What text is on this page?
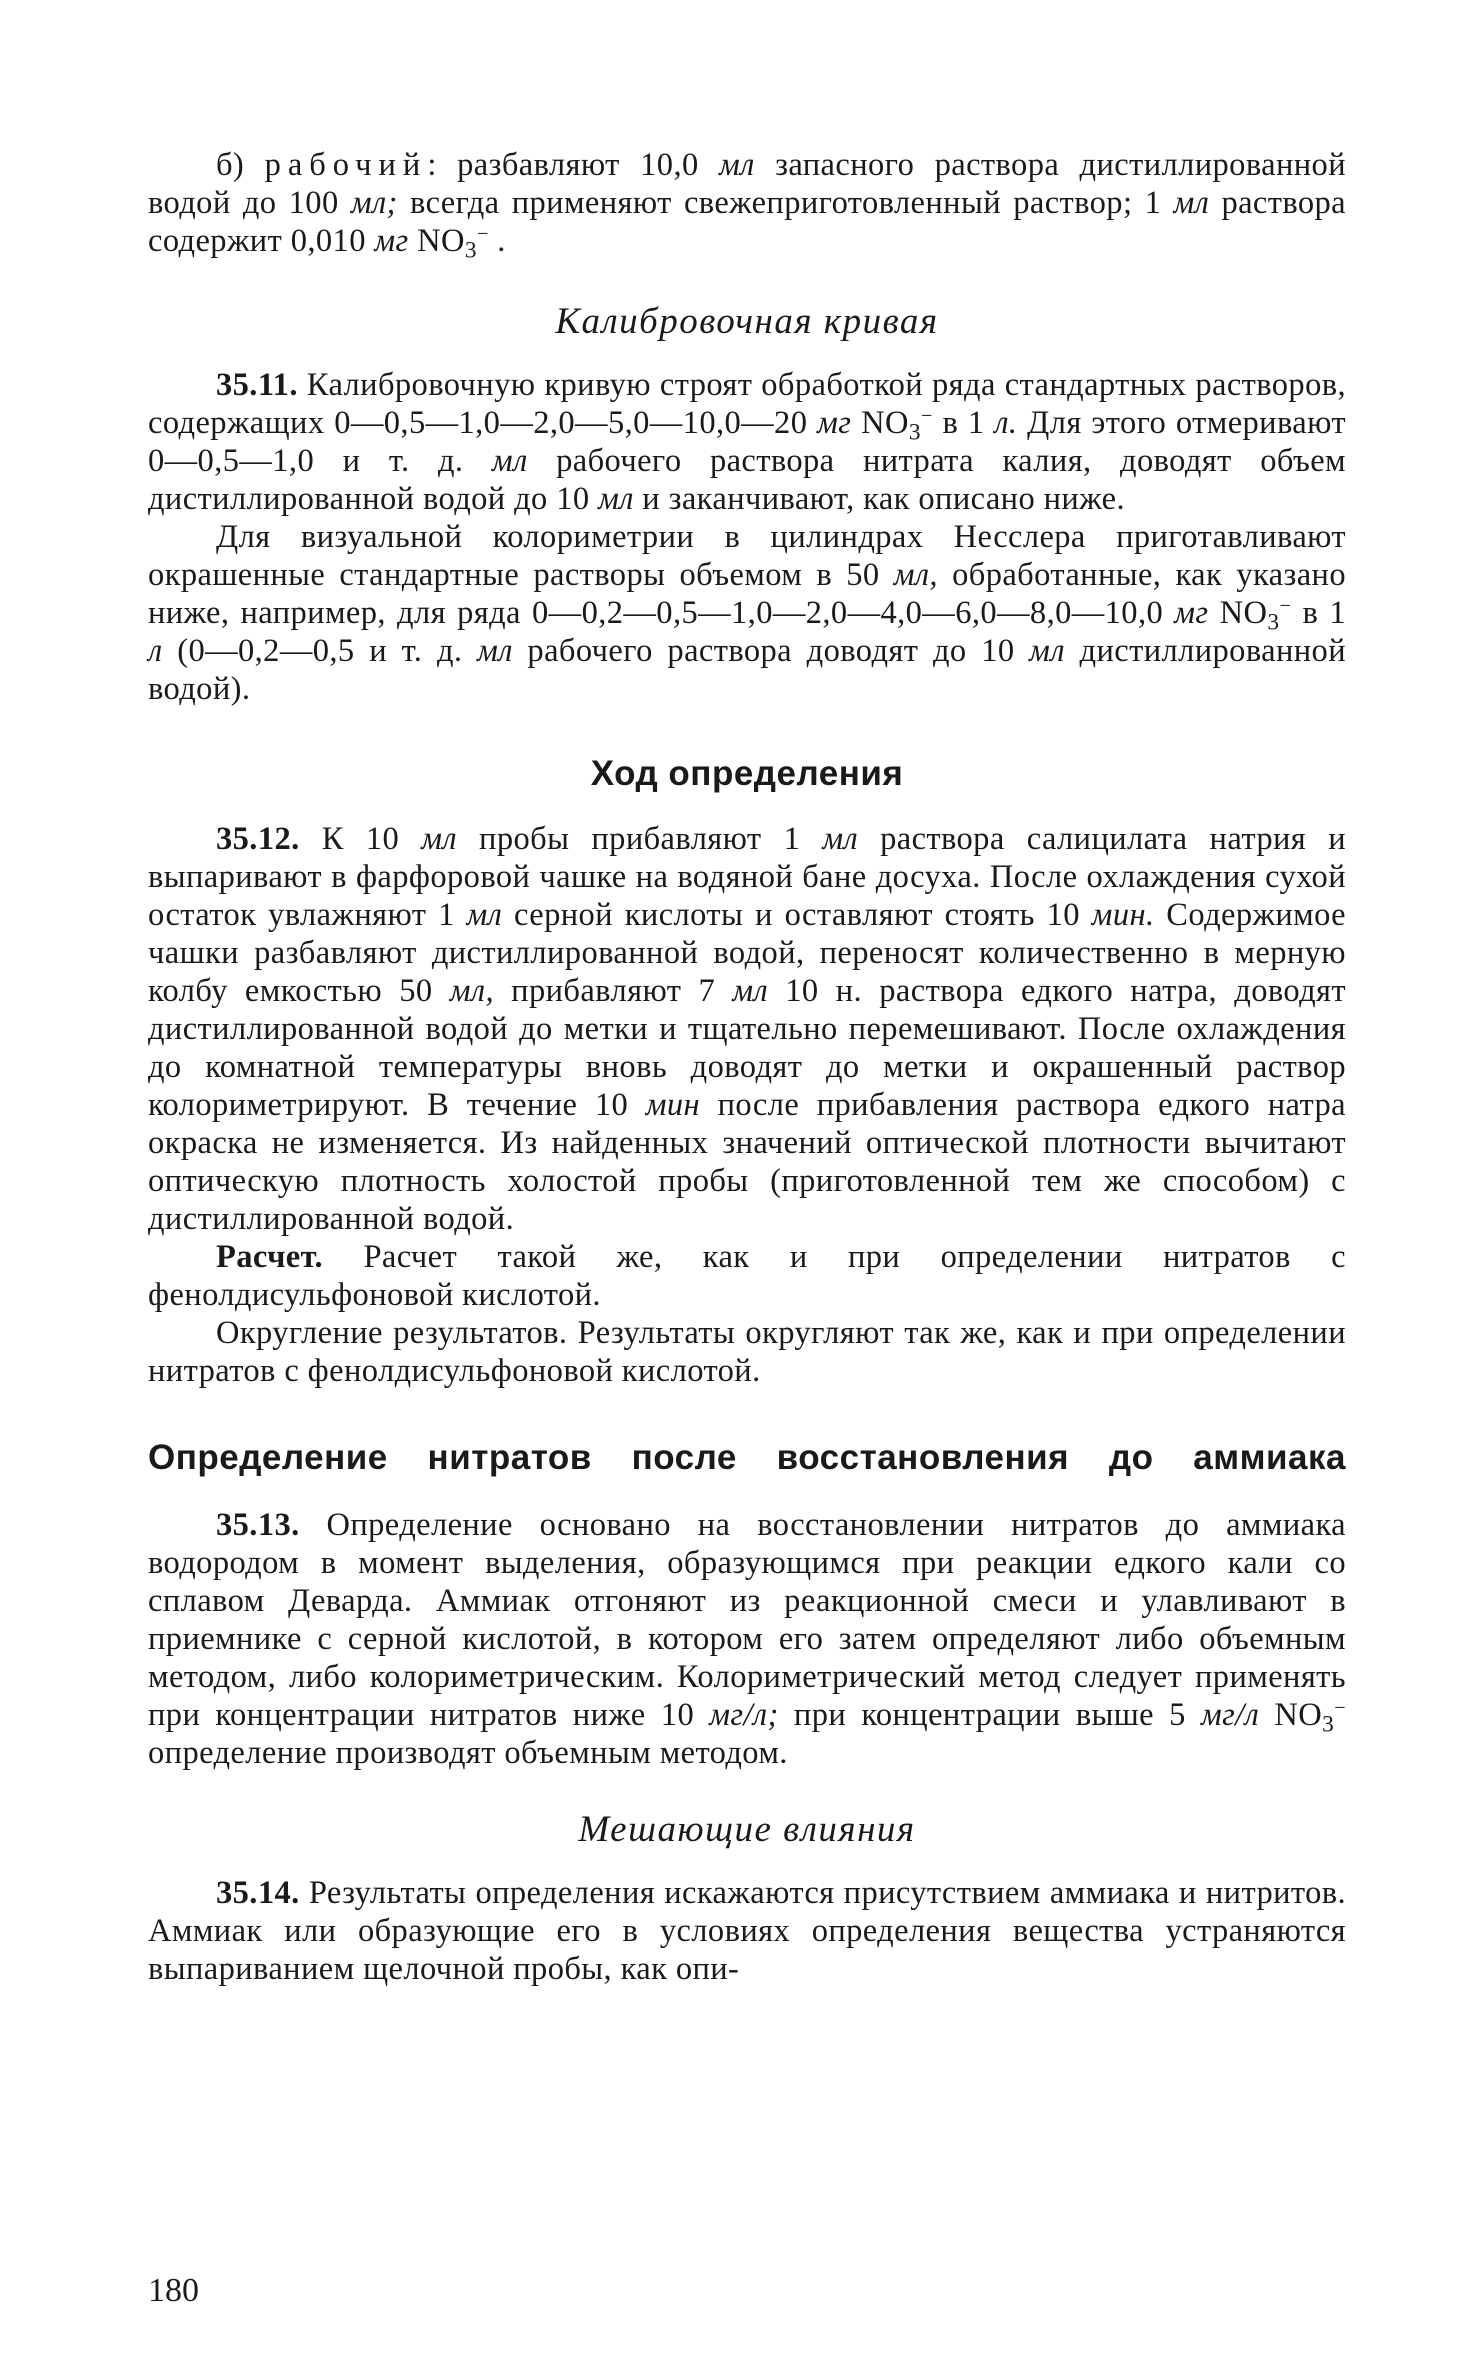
б) рабочий: разбавляют 10,0 мл запасного раствора дистиллированной водой до 100 мл; всегда применяют свежеприготовленный раствор; 1 мл раствора содержит 0,010 мг $NO_3^-$ .

Калибровочная кривая

35.11. Калибровочную кривую строят обработкой ряда стандартных растворов, содержащих 0—0,5—1,0—2,0—5,0—10,0—20 мг $NO_3^-$ в 1 л. Для этого отмеривают 0—0,5—1,0 и т. д. мл рабочего раствора нитрата калия, доводят объем дистиллированной водой до 10 мл и заканчивают, как описано ниже.

Для визуальной колориметрии в цилиндрах Несслера приготавливают окрашенные стандартные растворы объемом в 50 мл, обработанные, как указано ниже, например, для ряда 0—0,2—0,5—1,0—2,0—4,0—6,0—8,0—10,0 мг $NO_3^-$ в 1 л (0—0,2—0,5 и т. д. мл рабочего раствора доводят до 10 мл дистиллированной водой).

Ход определения

35.12. К 10 мл пробы прибавляют 1 мл раствора салицилата натрия и выпаривают в фарфоровой чашке на водяной бане досуха. После охлаждения сухой остаток увлажняют 1 мл серной кислоты и оставляют стоять 10 мин. Содержимое чашки разбавляют дистиллированной водой, переносят количественно в мерную колбу емкостью 50 мл, прибавляют 7 мл 10 н. раствора едкого натра, доводят дистиллированной водой до метки и тщательно перемешивают. После охлаждения до комнатной температуры вновь доводят до метки и окрашенный раствор колориметрируют. В течение 10 мин после прибавления раствора едкого натра окраска не изменяется. Из найденных значений оптической плотности вычитают оптическую плотность холостой пробы (приготовленной тем же способом) с дистиллированной водой.

Расчет. Расчет такой же, как и при определении нитратов с фенолдисульфоновой кислотой.

Округление результатов. Результаты округляют так же, как и при определении нитратов с фенолдисульфоновой кислотой.

Определение нитратов после восстановления до аммиака

35.13. Определение основано на восстановлении нитратов до аммиака водородом в момент выделения, образующимся при реакции едкого кали со сплавом Деварда. Аммиак отгоняют из реакционной смеси и улавливают в приемнике с серной кислотой, в котором его затем определяют либо объемным методом, либо колориметрическим. Колориметрический метод следует применять при концентрации нитратов ниже 10 мг/л; при концентрации выше 5 мг/л $NO_3^-$ определение производят объемным методом.

Мешающие влияния

35.14. Результаты определения искажаются присутствием аммиака и нитритов. Аммиак или образующие его в условиях определения вещества устраняются выпариванием щелочной пробы, как опи-

180
